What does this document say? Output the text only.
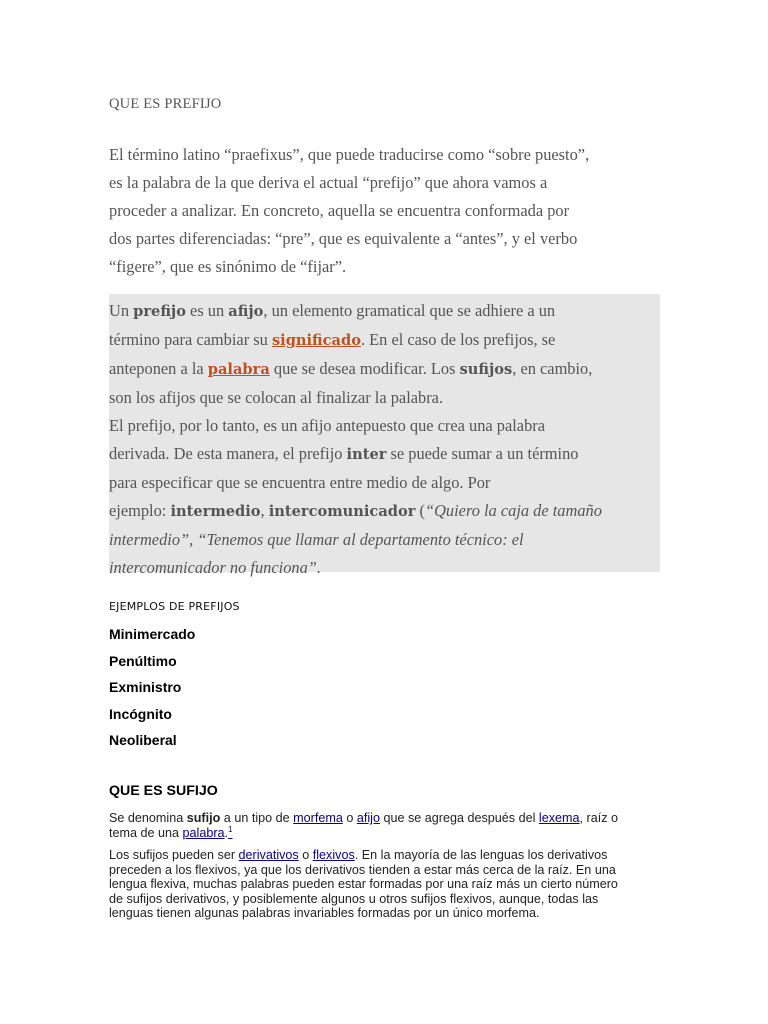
QUE ES PREFIJO
El término latino “praefixus”, que puede traducirse como “sobre puesto”,
es la palabra de la que deriva el actual “prefijo” que ahora vamos a
proceder a analizar. En concreto, aquella se encuentra conformada por
dos partes diferenciadas: “pre”, que es equivalente a “antes”, y el verbo
“figere”, que es sinónimo de “fijar”.

Un prefijo es un afijo, un elemento gramatical que se adhiere a un

término para cambiar su significado. En el caso de los prefijos, se

anteponen a la palabra que se desea modificar. Los sufijos, en cambio,

son los afijos que se colocan al finalizar la palabra.

El prefijo, por lo tanto, es un afijo antepuesto que crea una palabra

derivada. De esta manera, el prefijo inter se puede sumar a un término

para especificar que se encuentra entre medio de algo. Por

ejemplo: intermedio, intercomunicador (“Quiero la caja de tamaño

intermedio”, “Tenemos que llamar al departamento técnico: el

intercomunicador no funciona”.

EJEMPLOS DE PREFIJOS
Minimercado
Penúltimo
Exministro
Incógnito
Neoliberal
QUE ES SUFIJO
Se denomina sufijo a un tipo de morfema o afijo que se agrega después del lexema, raíz o
tema de una palabra.$^1$
Los sufijos pueden ser derivativos o flexivos. En la mayoría de las lenguas los derivativos
preceden a los flexivos, ya que los derivativos tienden a estar más cerca de la raíz. En una
lengua flexiva, muchas palabras pueden estar formadas por una raíz más un cierto número
de sufijos derivativos, y posiblemente algunos u otros sufijos flexivos, aunque, todas las
lenguas tienen algunas palabras invariables formadas por un único morfema.
